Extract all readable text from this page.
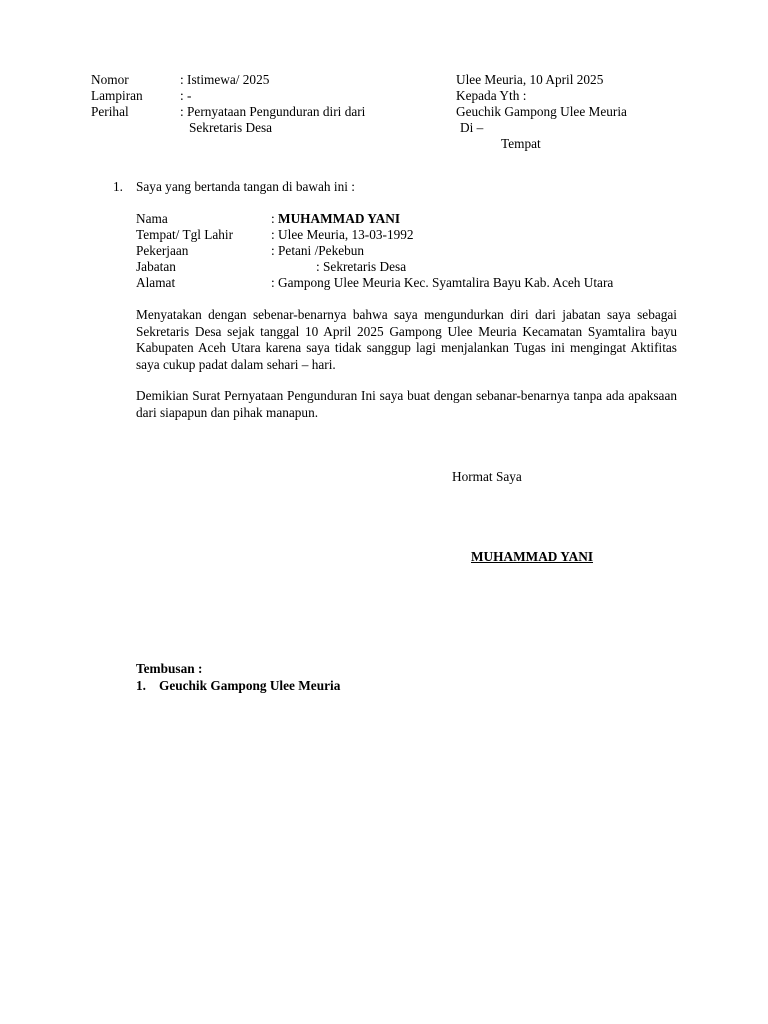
Nomor	: Istimewa/ 2025
Lampiran	: -
Perihal	: Pernyataan Pengunduran diri dari
Sekretaris Desa
Ulee Meuria, 10 April 2025
Kepada Yth :
Geuchik Gampong Ulee Meuria
Di –
Tempat
1. Saya yang bertanda tangan di bawah ini :
Nama	: MUHAMMAD YANI
Tempat/ Tgl Lahir	: Ulee Meuria, 13-03-1992
Pekerjaan	: Petani /Pekebun
Jabatan	: Sekretaris Desa
Alamat	: Gampong Ulee Meuria Kec. Syamtalira Bayu Kab. Aceh Utara
Menyatakan dengan sebenar-benarnya bahwa saya mengundurkan diri dari jabatan saya sebagai Sekretaris Desa sejak tanggal 10 April 2025 Gampong Ulee Meuria Kecamatan Syamtalira bayu Kabupaten Aceh Utara karena saya tidak sanggup lagi menjalankan Tugas ini mengingat Aktifitas saya cukup padat dalam sehari – hari.
Demikian Surat Pernyataan Pengunduran Ini saya buat dengan sebanar-benarnya tanpa ada apaksaan dari siapapun dan pihak manapun.
Hormat Saya
MUHAMMAD YANI
Tembusan :
1. Geuchik Gampong Ulee Meuria
